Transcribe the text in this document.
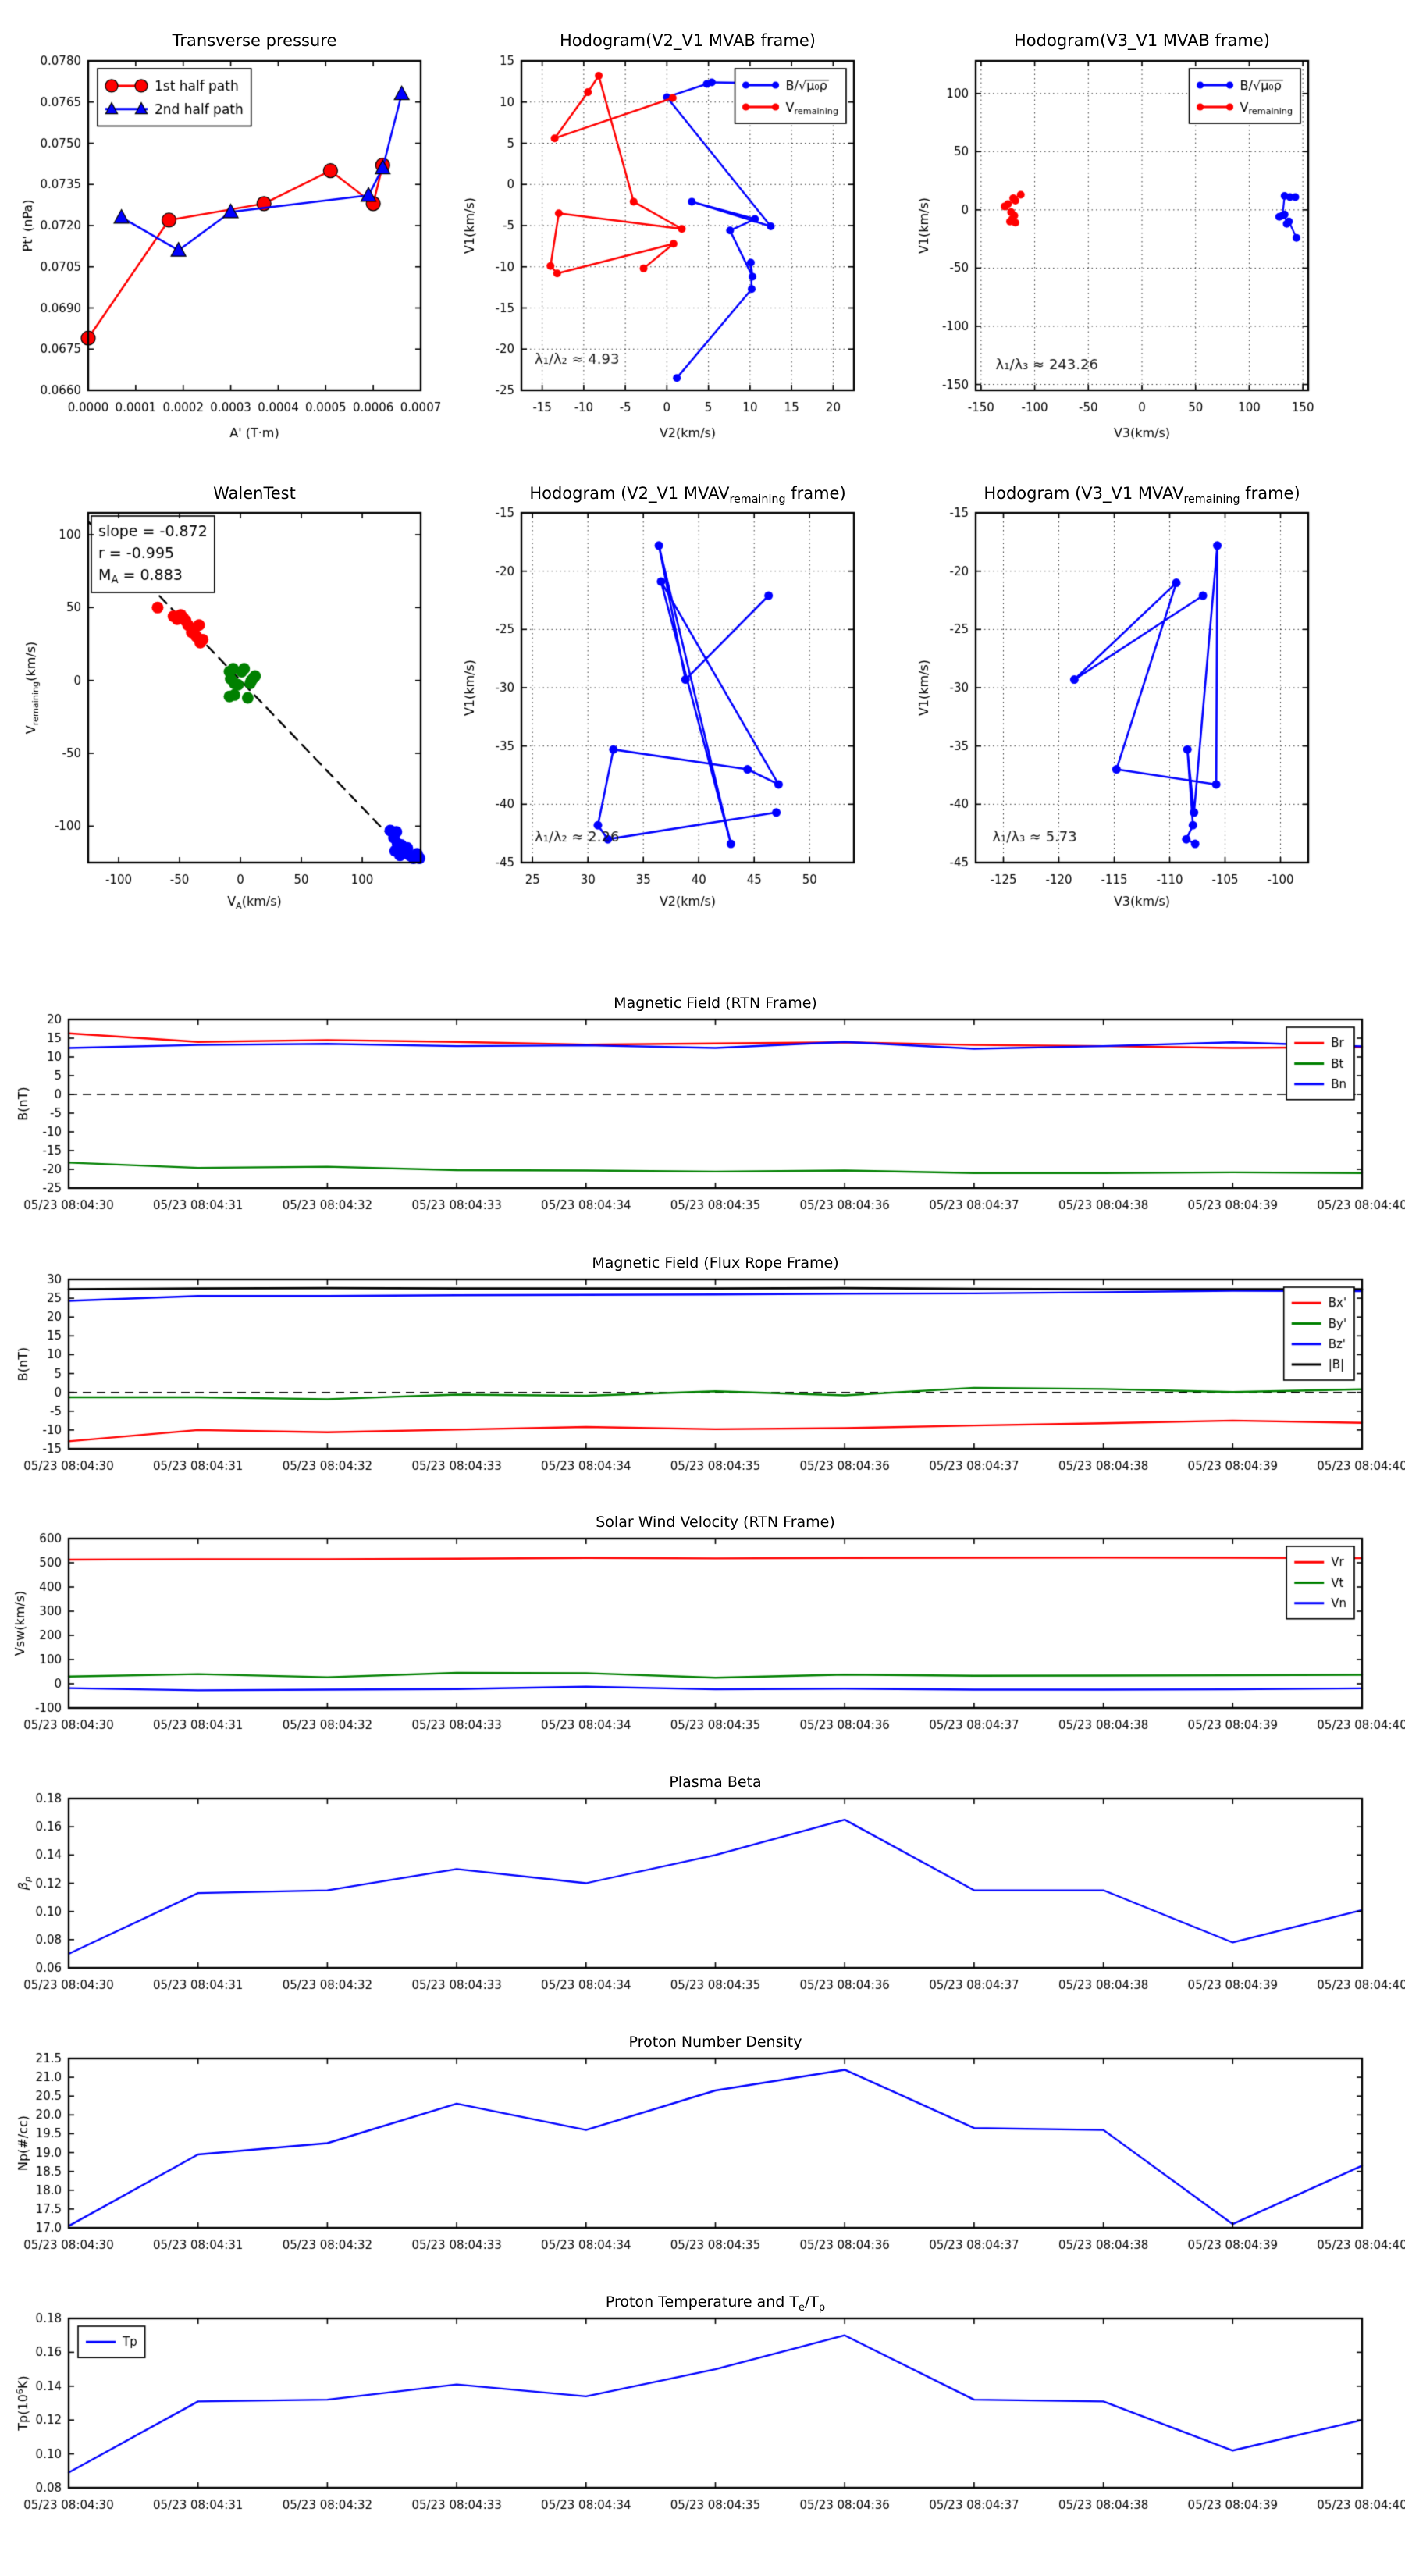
Transverse pressure	Hodogram(V2_V1 MVAB frame)	Hodogram(V3_V1 MVAB frame)
WalenTest	Hodogram (V2_V1 $MVAV_{remaining}$ frame)	Hodogram (V3_V1 $MVAV_{remaining}$ frame)
Magnetic Field (RTN Frame)
Magnetic Field (Flux Rope Frame)
Solar Wind Velocity (RTN Frame)
Plasma Beta
Proton Number Density
Proton Temperature and $T_e/T_p$
